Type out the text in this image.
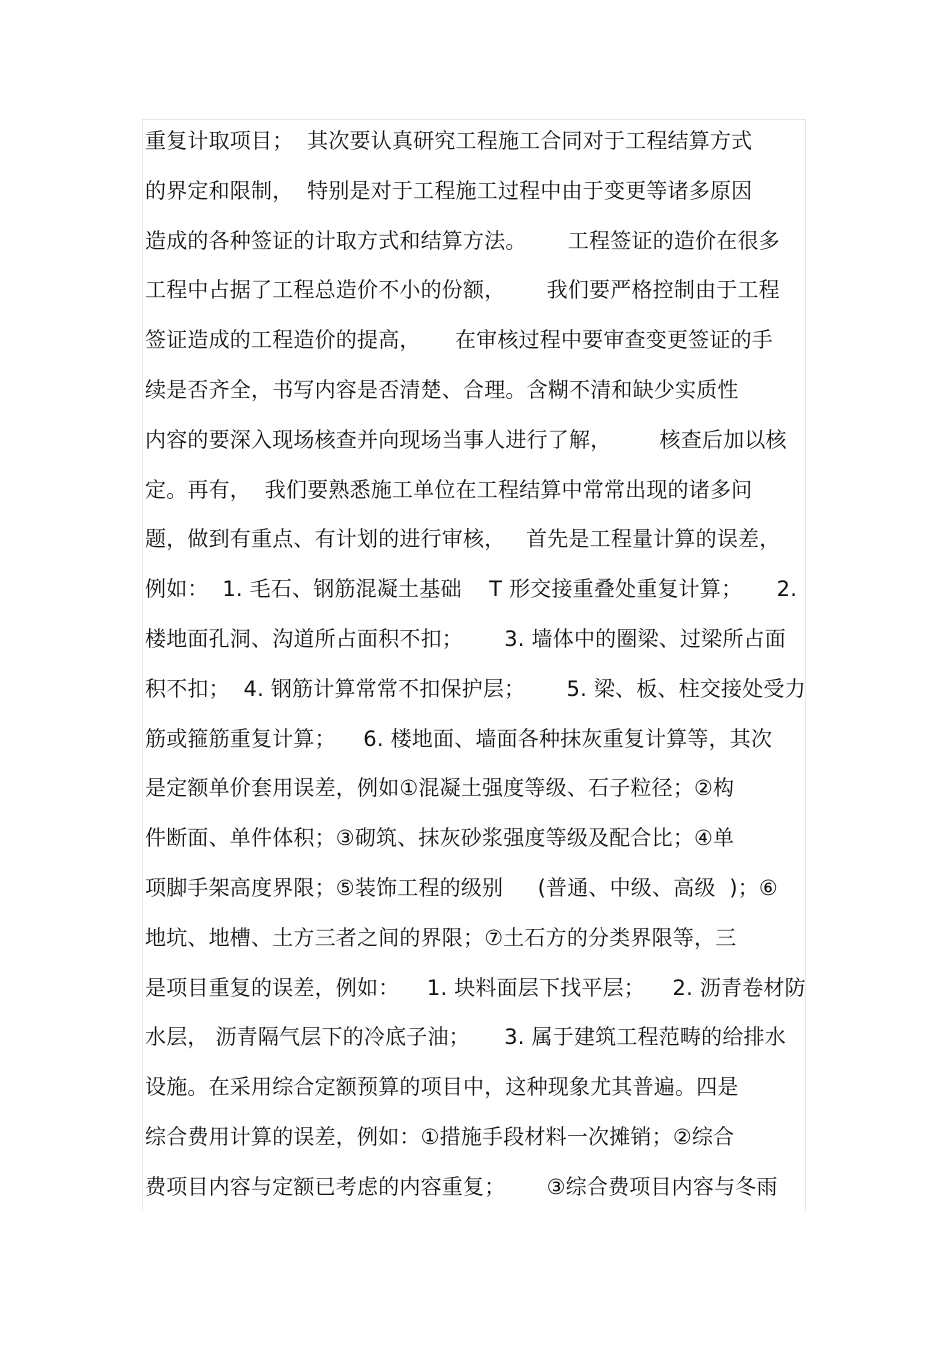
重复计取项目；  其次要认真研究工程施工合同对于工程结算方式
的界定和限制，  特别是对于工程施工过程中由于变更等诸多原因
造成的各种签证的计取方式和结算方法。      工程签证的造价在很多
工程中占据了工程总造价不小的份额，      我们要严格控制由于工程
签证造成的工程造价的提高，     在审核过程中要审查变更签证的手
续是否齐全，书写内容是否清楚、合理。含糊不清和缺少实质性
内容的要深入现场核查并向现场当事人进行了解，       核查后加以核
定。再有，  我们要熟悉施工单位在工程结算中常常出现的诸多问
题，做到有重点、有计划的进行审核，   首先是工程量计算的误差，
例如：  1. 毛石、钢筋混凝土基础    T 形交接重叠处重复计算；     2.
楼地面孔洞、沟道所占面积不扣；      3. 墙体中的圈梁、过梁所占面
积不扣；  4. 钢筋计算常常不扣保护层；      5. 梁、板、柱交接处受力
筋或箍筋重复计算；    6. 楼地面、墙面各种抹灰重复计算等，其次
是定额单价套用误差，例如①混凝土强度等级、石子粒径；②构
件断面、单件体积；③砌筑、抹灰砂浆强度等级及配合比；④单
项脚手架高度界限；⑤装饰工程的级别     (普通、中级、高级  )；⑥
地坑、地槽、土方三者之间的界限；⑦土石方的分类界限等，三
是项目重复的误差，例如：    1. 块料面层下找平层；    2. 沥青卷材防
水层， 沥青隔气层下的冷底子油；     3. 属于建筑工程范畴的给排水
设施。在采用综合定额预算的项目中，这种现象尤其普遍。四是
综合费用计算的误差，例如：①措施手段材料一次摊销；②综合
费项目内容与定额已考虑的内容重复；      ③综合费项目内容与冬雨
